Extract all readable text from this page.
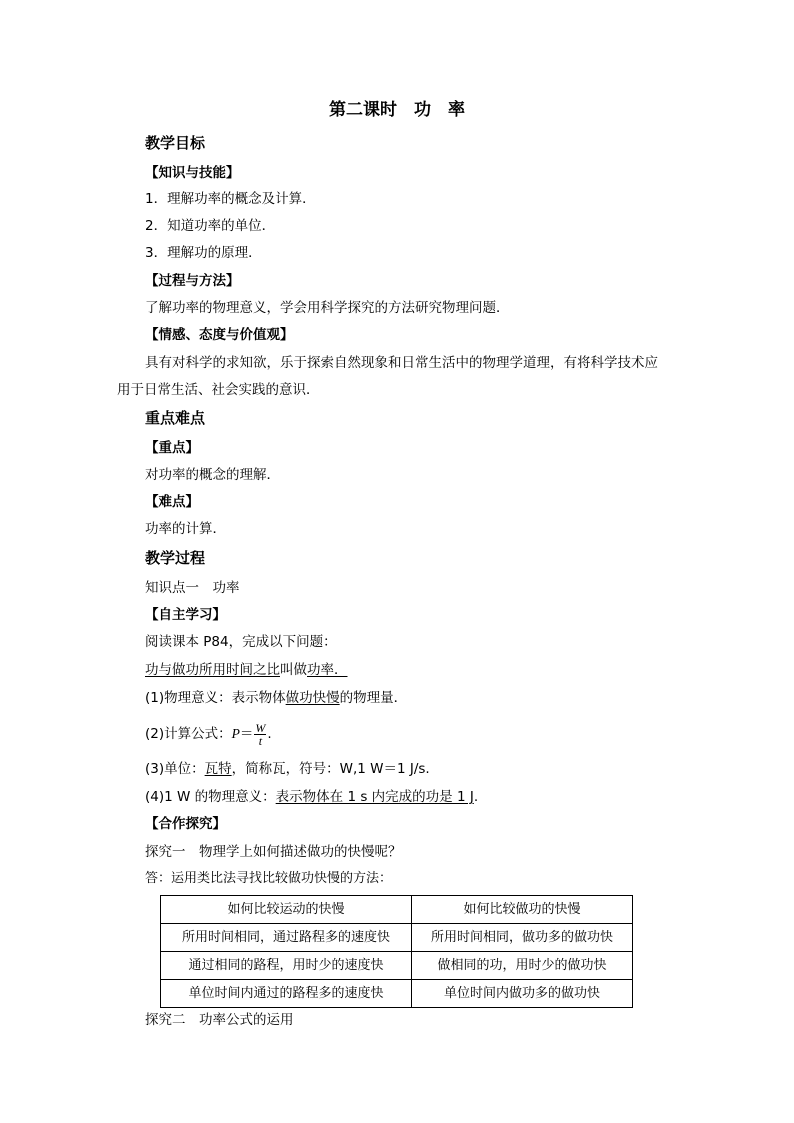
第二课时　功　率
教学目标
【知识与技能】
1．理解功率的概念及计算．
2．知道功率的单位．
3．理解功的原理．
【过程与方法】
了解功率的物理意义，学会用科学探究的方法研究物理问题．
【情感、态度与价值观】
具有对科学的求知欲，乐于探索自然现象和日常生活中的物理学道理，有将科学技术应
用于日常生活、社会实践的意识．
重点难点
【重点】
对功率的概念的理解．
【难点】
功率的计算．
教学过程
知识点一　功率
【自主学习】
阅读课本 P84，完成以下问题：
功与做功所用时间之比叫做功率．
(1)物理意义：表示物体做功快慢的物理量．
(2)计算公式：$P= \frac{W}{t}$ .
(3)单位：瓦特，简称瓦，符号：W,1 W＝1 J/s.
(4)1 W 的物理意义：表示物体在 1 s 内完成的功是 1 J.
【合作探究】
探究一　物理学上如何描述做功的快慢呢？
答：运用类比法寻找比较做功快慢的方法：
如何比较运动的快慢	如何比较做功的快慢
所用时间相同，通过路程多的速度快	所用时间相同，做功多的做功快
通过相同的路程，用时少的速度快	做相同的功，用时少的做功快
单位时间内通过的路程多的速度快	单位时间内做功多的做功快
探究二　功率公式的运用
